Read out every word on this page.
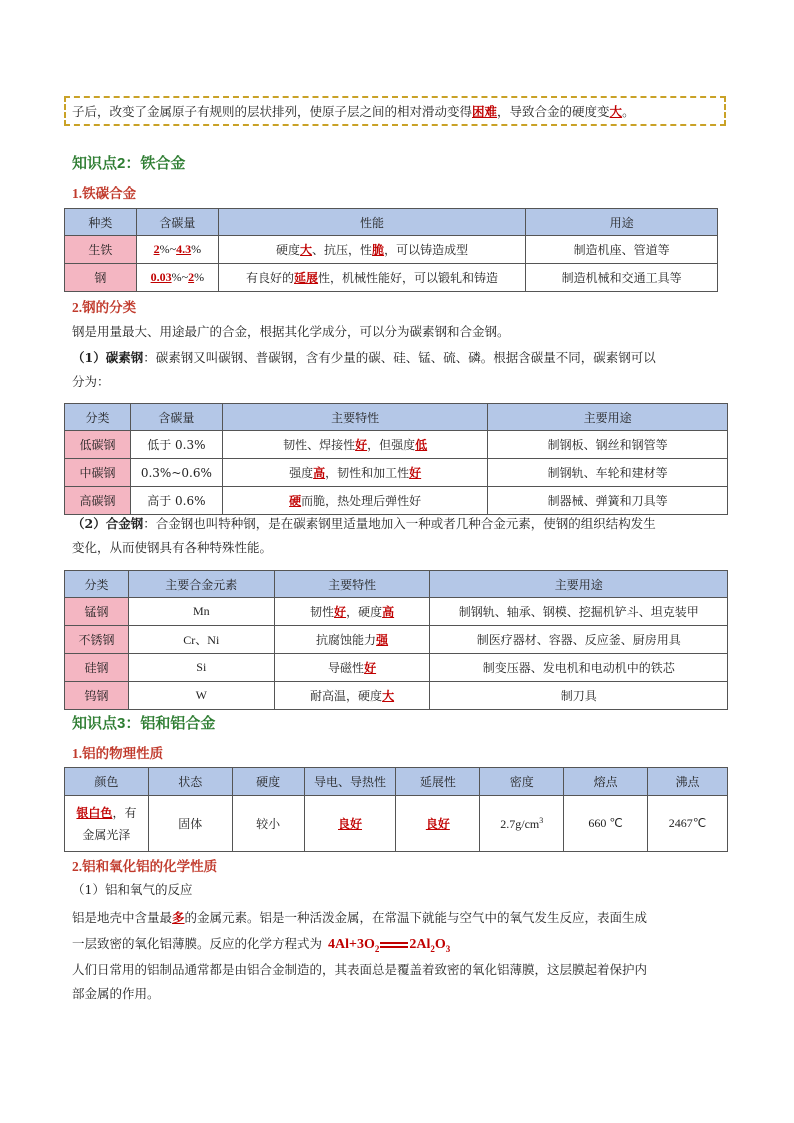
子后，改变了金属原子有规则的层状排列，使原子层之间的相对滑动变得 困难 ，导致合金的硬度变 大 。
知识点2：铁合金
1.铁碳合金
种类	含碳量	性能	用途
生铁	2%~4.3%	硬度大、抗压，性脆，可以铸造成型	制造机座、管道等
钢	0.03%~2%	有良好的延展性，机械性能好，可以锻轧和铸造	制造机械和交通工具等
2.钢的分类
钢是用量最大、用途最广的合金，根据其化学成分，可以分为碳素钢和合金钢。
（1）碳素钢：碳素钢又叫碳钢、普碳钢，含有少量的碳、硅、锰、硫、磷。根据含碳量不同，碳素钢可以
分为：
分类	含碳量	主要特性	主要用途
低碳钢	低于 0.3%	韧性、焊接性好，但强度低	制钢板、钢丝和钢管等
中碳钢	0.3%~0.6%	强度高，韧性和加工性好	制钢轨、车轮和建材等
高碳钢	高于 0.6%	硬而脆，热处理后弹性好	制器械、弹簧和刀具等
（2）合金钢：合金钢也叫特种钢，是在碳素钢里适量地加入一种或者几种合金元素，使钢的组织结构发生
变化，从而使钢具有各种特殊性能。
分类	主要合金元素	主要特性	主要用途
锰钢	Mn	韧性好，硬度高	制钢轨、轴承、钢模、挖掘机铲斗、坦克装甲
不锈钢	Cr、Ni	抗腐蚀能力强	制医疗器材、容器、反应釜、厨房用具
硅钢	Si	导磁性好	制变压器、发电机和电动机中的铁芯
钨钢	W	耐高温，硬度大	制刀具
知识点3：铝和铝合金
1.铝的物理性质
颜色	状态	硬度	导电、导热性	延展性	密度	熔点	沸点
银白色，有
金属光泽	固体	较小	良好	良好	$2.7g/cm^3$	660 ℃	2467℃
2.铝和氧化铝的化学性质
（1）铝和氧气的反应
铝是地壳中含量最多的金属元素。铝是一种活泼金属，在常温下就能与空气中的氧气发生反应，表面生成
一层致密的氧化铝薄膜。反应的化学方程式为 $4Al+3O_2$ $2Al_2O_3$
人们日常用的铝制品通常都是由铝合金制造的，其表面总是覆盖着致密的氧化铝薄膜，这层膜起着保护内
部金属的作用。
